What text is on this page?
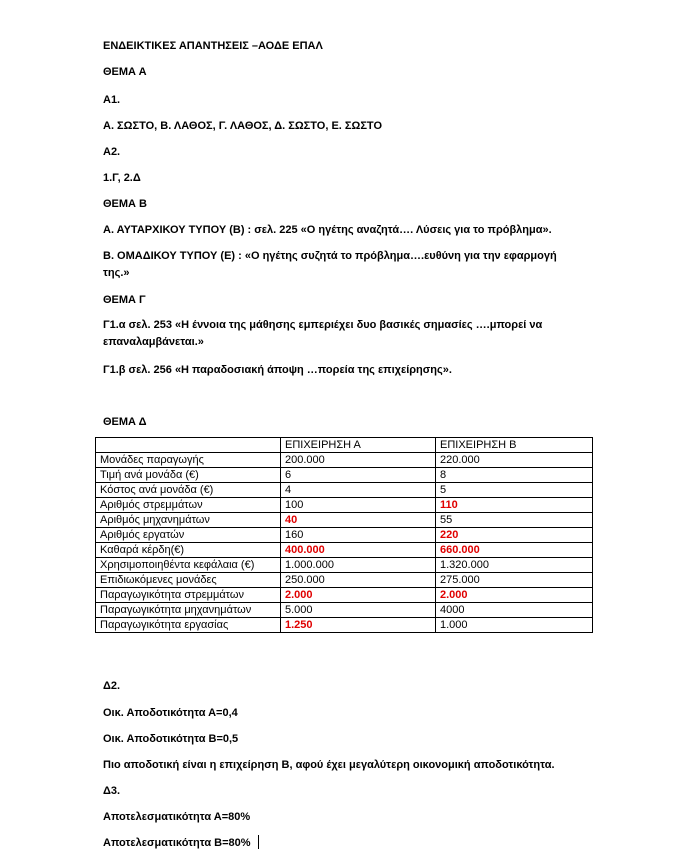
ΕΝΔΕΙΚΤΙΚΕΣ ΑΠΑΝΤΗΣΕΙΣ –ΑΟΔΕ ΕΠΑΛ
ΘΕΜΑ Α
Α1.
Α. ΣΩΣΤΟ, Β. ΛΑΘΟΣ, Γ. ΛΑΘΟΣ, Δ. ΣΩΣΤΟ, Ε. ΣΩΣΤΟ
Α2.
1.Γ, 2.Δ
ΘΕΜΑ Β
Α. ΑΥΤΑΡΧΙΚΟΥ ΤΥΠΟΥ (Β) : σελ. 225 «Ο ηγέτης αναζητά…. Λύσεις για το πρόβλημα».
Β. ΟΜΑΔΙΚΟΥ ΤΥΠΟΥ (Ε) : «Ο ηγέτης συζητά το πρόβλημα….ευθύνη για την εφαρμογή της.»
ΘΕΜΑ Γ
Γ1.α σελ. 253 «Η έννοια της μάθησης εμπεριέχει δυο βασικές σημασίες ….μπορεί να επαναλαμβάνεται.»
Γ1.β σελ. 256 «Η παραδοσιακή άποψη …πορεία της επιχείρησης».
ΘΕΜΑ Δ
	ΕΠΙΧΕΙΡΗΣΗ Α	ΕΠΙΧΕΙΡΗΣΗ Β
Μονάδες παραγωγής	200.000	220.000
Τιμή ανά μονάδα (€)	6	8
Κόστος ανά μονάδα (€)	4	5
Αριθμός στρεμμάτων	100	110
Αριθμός μηχανημάτων	40	55
Αριθμός εργατών	160	220
Καθαρά κέρδη(€)	400.000	660.000
Χρησιμοποιηθέντα κεφάλαια (€)	1.000.000	1.320.000
Επιδιωκόμενες μονάδες	250.000	275.000
Παραγωγικότητα στρεμμάτων	2.000	2.000
Παραγωγικότητα μηχανημάτων	5.000	4000
Παραγωγικότητα εργασίας	1.250	1.000
Δ2.
Οικ. Αποδοτικότητα Α=0,4
Οικ. Αποδοτικότητα Β=0,5
Πιο αποδοτική είναι η επιχείρηση Β, αφού έχει μεγαλύτερη οικονομική αποδοτικότητα.
Δ3.
Αποτελεσματικότητα Α=80%
Αποτελεσματικότητα Β=80%
